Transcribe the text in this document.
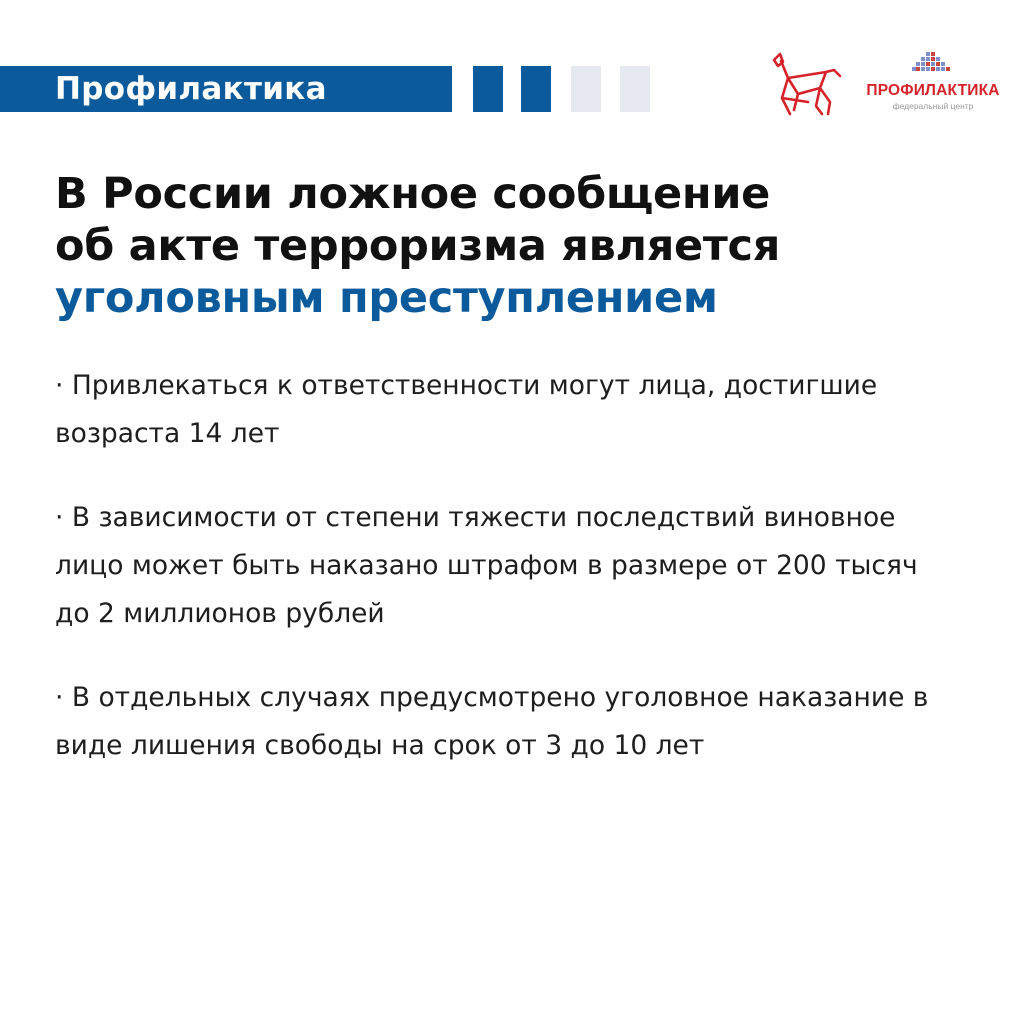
Профилактика	ПРОФИЛАКТИКА
федеральный центр
В России ложное сообщение
об акте терроризма является
уголовным преступлением
· Привлекаться к ответственности могут лица, достигшие возраста 14 лет
· В зависимости от степени тяжести последствий виновное лицо может быть наказано штрафом в размере от 200 тысяч до 2 миллионов рублей
· В отдельных случаях предусмотрено уголовное наказание в виде лишения свободы на срок от 3 до 10 лет
